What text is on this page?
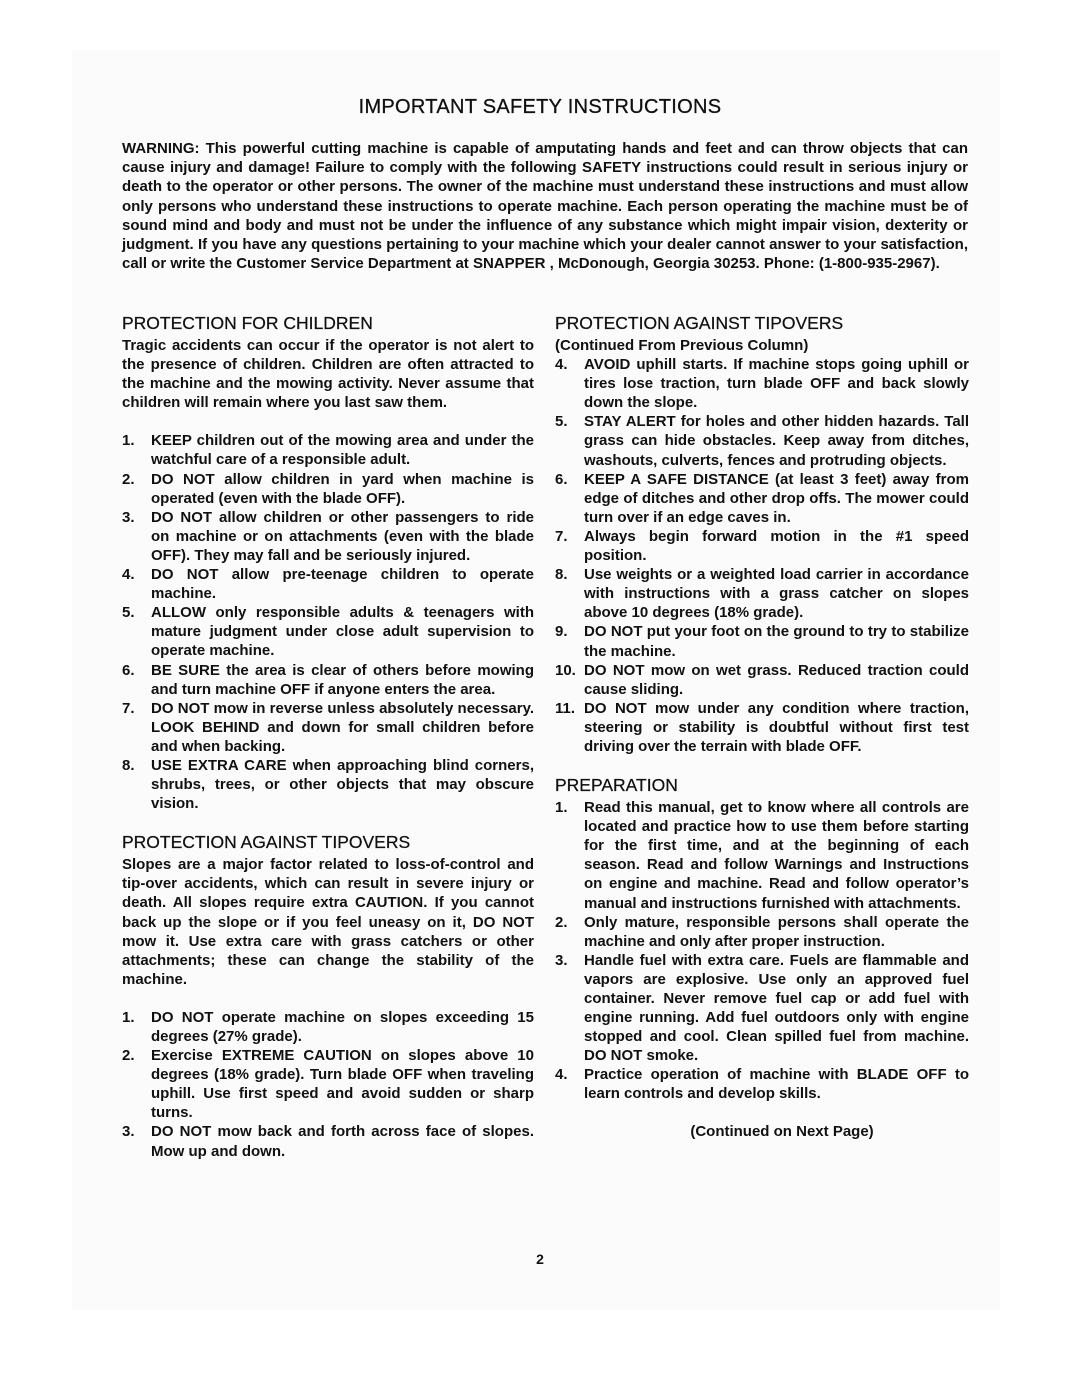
IMPORTANT SAFETY INSTRUCTIONS

WARNING: This powerful cutting machine is capable of amputating hands and feet and can throw objects that can cause injury and damage! Failure to comply with the following SAFETY instructions could result in serious injury or death to the operator or other persons. The owner of the machine must understand these instructions and must allow only persons who understand these instructions to operate machine. Each person operating the machine must be of sound mind and body and must not be under the influence of any substance which might impair vision, dexterity or judgment. If you have any questions pertaining to your machine which your dealer cannot answer to your satisfaction, call or write the Customer Service Department at SNAPPER , McDonough, Georgia 30253. Phone: (1-800-935-2967).

PROTECTION FOR CHILDREN

Tragic accidents can occur if the operator is not alert to the presence of children. Children are often attracted to the machine and the mowing activity. Never assume that children will remain where you last saw them.

1. KEEP children out of the mowing area and under the watchful care of a responsible adult.
2. DO NOT allow children in yard when machine is operated (even with the blade OFF).
3. DO NOT allow children or other passengers to ride on machine or on attachments (even with the blade OFF). They may fall and be seriously injured.
4. DO NOT allow pre-teenage children to operate machine.
5. ALLOW only responsible adults & teenagers with mature judgment under close adult supervision to operate machine.
6. BE SURE the area is clear of others before mowing and turn machine OFF if anyone enters the area.
7. DO NOT mow in reverse unless absolutely necessary. LOOK BEHIND and down for small children before and when backing.
8. USE EXTRA CARE when approaching blind corners, shrubs, trees, or other objects that may obscure vision.
PROTECTION AGAINST TIPOVERS

Slopes are a major factor related to loss-of-control and tip-over accidents, which can result in severe injury or death. All slopes require extra CAUTION. If you cannot back up the slope or if you feel uneasy on it, DO NOT mow it. Use extra care with grass catchers or other attachments; these can change the stability of the machine.

1. DO NOT operate machine on slopes exceeding 15 degrees (27% grade).
2. Exercise EXTREME CAUTION on slopes above 10 degrees (18% grade). Turn blade OFF when traveling uphill. Use first speed and avoid sudden or sharp turns.
3. DO NOT mow back and forth across face of slopes. Mow up and down.
PROTECTION AGAINST TIPOVERS

(Continued From Previous Column)

4. AVOID uphill starts. If machine stops going uphill or tires lose traction, turn blade OFF and back slowly down the slope.
5. STAY ALERT for holes and other hidden hazards. Tall grass can hide obstacles. Keep away from ditches, washouts, culverts, fences and protruding objects.
6. KEEP A SAFE DISTANCE (at least 3 feet) away from edge of ditches and other drop offs. The mower could turn over if an edge caves in.
7. Always begin forward motion in the #1 speed position.
8. Use weights or a weighted load carrier in accordance with instructions with a grass catcher on slopes above 10 degrees (18% grade).
9. DO NOT put your foot on the ground to try to stabilize the machine.
10. DO NOT mow on wet grass. Reduced traction could cause sliding.
11. DO NOT mow under any condition where traction, steering or stability is doubtful without first test driving over the terrain with blade OFF.
PREPARATION
1. Read this manual, get to know where all controls are located and practice how to use them before starting for the first time, and at the beginning of each season. Read and follow Warnings and Instructions on engine and machine. Read and follow operator’s manual and instructions furnished with attachments.
2. Only mature, responsible persons shall operate the machine and only after proper instruction.
3. Handle fuel with extra care. Fuels are flammable and vapors are explosive. Use only an approved fuel container. Never remove fuel cap or add fuel with engine running. Add fuel outdoors only with engine stopped and cool. Clean spilled fuel from machine. DO NOT smoke.
4. Practice operation of machine with BLADE OFF to learn controls and develop skills.

(Continued on Next Page)

2
